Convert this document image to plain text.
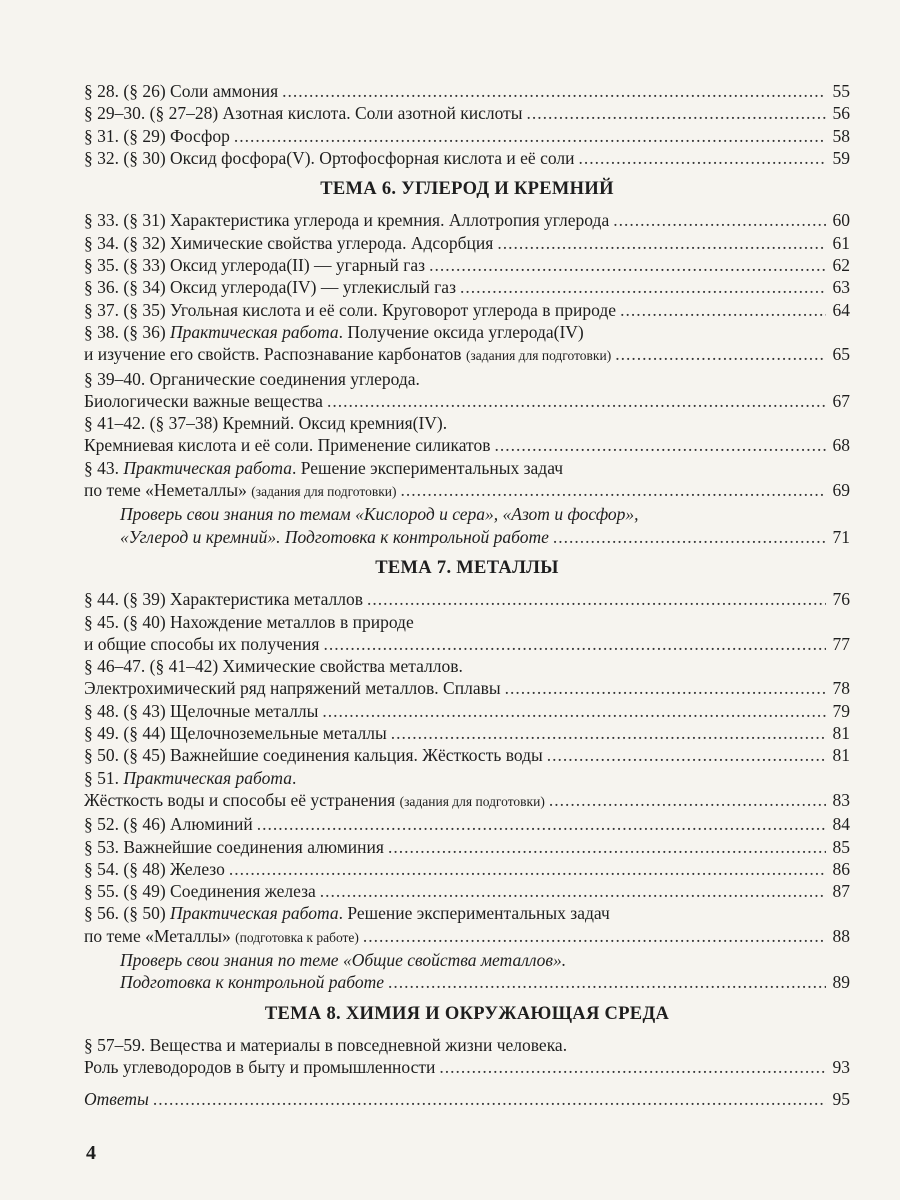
§ 28. (§ 26) Соли аммония .....	55
§ 29–30. (§ 27–28) Азотная кислота. Соли азотной кислоты .....	56
§ 31. (§ 29) Фосфор .....	58
§ 32. (§ 30) Оксид фосфора(V). Ортофосфорная кислота и её соли .....	59
ТЕМА 6. УГЛЕРОД И КРЕМНИЙ
§ 33. (§ 31) Характеристика углерода и кремния. Аллотропия углерода .....	60
§ 34. (§ 32) Химические свойства углерода. Адсорбция .....	61
§ 35. (§ 33) Оксид углерода(II) — угарный газ .....	62
§ 36. (§ 34) Оксид углерода(IV) — углекислый газ .....	63
§ 37. (§ 35) Угольная кислота и её соли. Круговорот углерода в природе .....	64
§ 38. (§ 36) Практическая работа. Получение оксида углерода(IV)
и изучение его свойств. Распознавание карбонатов (задания для подготовки) .....	65
§ 39–40. Органические соединения углерода.
Биологически важные вещества .....	67
§ 41–42. (§ 37–38) Кремний. Оксид кремния(IV).
Кремниевая кислота и её соли. Применение силикатов .....	68
§ 43. Практическая работа. Решение экспериментальных задач
по теме «Неметаллы» (задания для подготовки) .....	69
Проверь свои знания по темам «Кислород и сера», «Азот и фосфор»,
«Углерод и кремний». Подготовка к контрольной работе .....	71
ТЕМА 7. МЕТАЛЛЫ
§ 44. (§ 39) Характеристика металлов .....	76
§ 45. (§ 40) Нахождение металлов в природе
и общие способы их получения .....	77
§ 46–47. (§ 41–42) Химические свойства металлов.
Электрохимический ряд напряжений металлов. Сплавы .....	78
§ 48. (§ 43) Щелочные металлы .....	79
§ 49. (§ 44) Щелочноземельные металлы .....	81
§ 50. (§ 45) Важнейшие соединения кальция. Жёсткость воды .....	81
§ 51. Практическая работа.
Жёсткость воды и способы её устранения (задания для подготовки) .....	83
§ 52. (§ 46) Алюминий .....	84
§ 53. Важнейшие соединения алюминия .....	85
§ 54. (§ 48) Железо .....	86
§ 55. (§ 49) Соединения железа .....	87
§ 56. (§ 50) Практическая работа. Решение экспериментальных задач
по теме «Металлы» (подготовка к работе) .....	88
Проверь свои знания по теме «Общие свойства металлов».
Подготовка к контрольной работе .....	89
ТЕМА 8. ХИМИЯ И ОКРУЖАЮЩАЯ СРЕДА
§ 57–59. Вещества и материалы в повседневной жизни человека.
Роль углеводородов в быту и промышленности .....	93
Ответы .....	95
4
